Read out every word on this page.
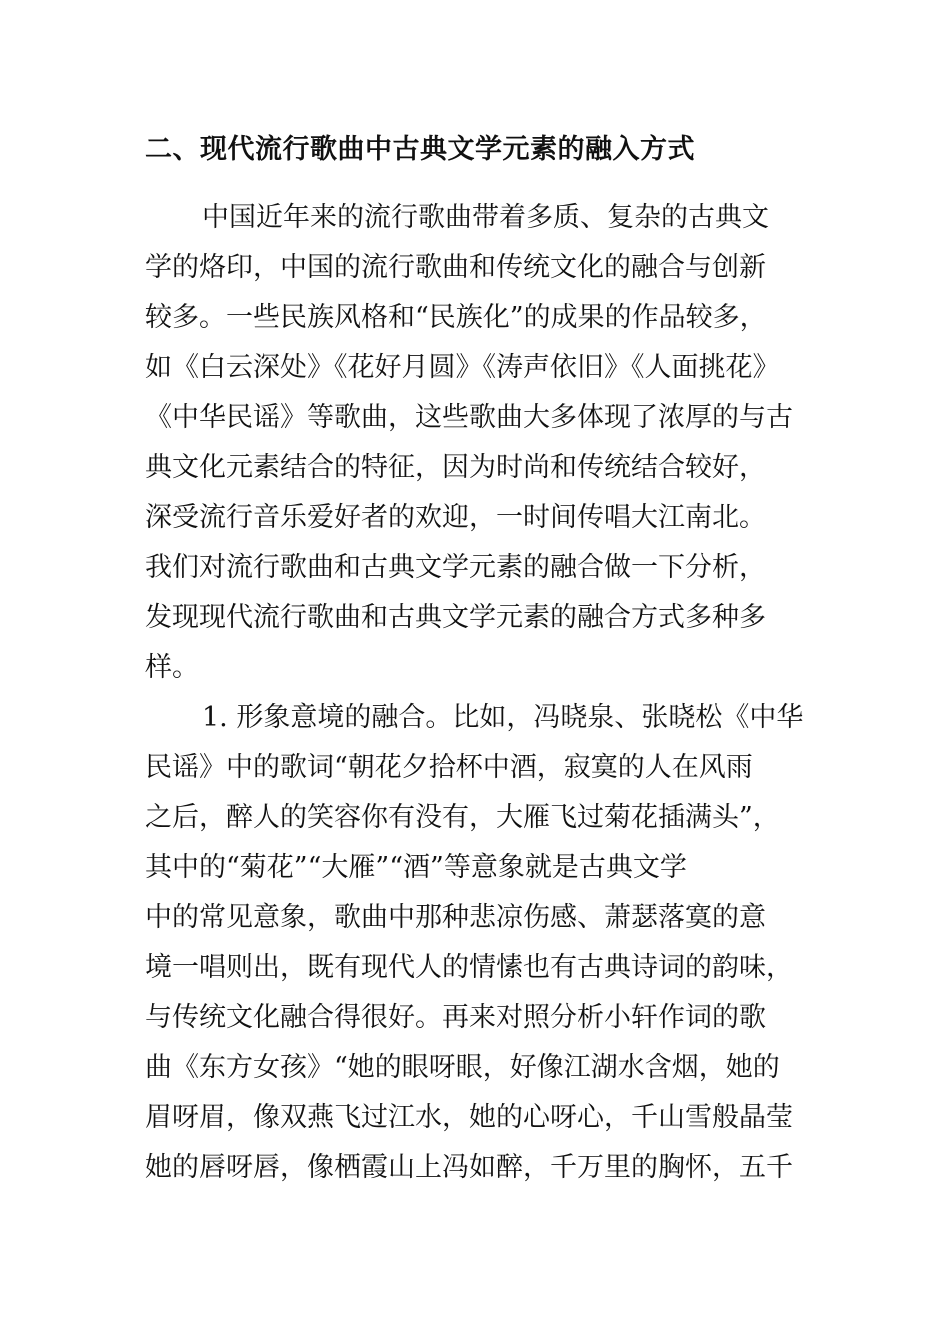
二、现代流行歌曲中古典文学元素的融入方式
中国近年来的流行歌曲带着多质、复杂的古典文
学的烙印，中国的流行歌曲和传统文化的融合与创新
较多。一些民族风格和“民族化”的成果的作品较多，
如《白云深处》《花好月圆》《涛声依旧》《人面挑花》
《中华民谣》等歌曲，这些歌曲大多体现了浓厚的与古
典文化元素结合的特征，因为时尚和传统结合较好，
深受流行音乐爱好者的欢迎，一时间传唱大江南北。
我们对流行歌曲和古典文学元素的融合做一下分析，
发现现代流行歌曲和古典文学元素的融合方式多种多
样。
1. 形象意境的融合。比如，冯晓泉、张晓松《中华
民谣》中的歌词“朝花夕拾杯中酒，寂寞的人在风雨
之后，醉人的笑容你有没有，大雁飞过菊花插满头”，
其中的“菊花”“大雁”“酒”等意象就是古典文学
中的常见意象，歌曲中那种悲凉伤感、萧瑟落寞的意
境一唱则出，既有现代人的情愫也有古典诗词的韵味，
与传统文化融合得很好。再来对照分析小轩作词的歌
曲《东方女孩》“她的眼呀眼，好像江湖水含烟，她的
眉呀眉，像双燕飞过江水，她的心呀心，千山雪般晶莹
她的唇呀唇，像栖霞山上冯如醉，千万里的胸怀，五千
